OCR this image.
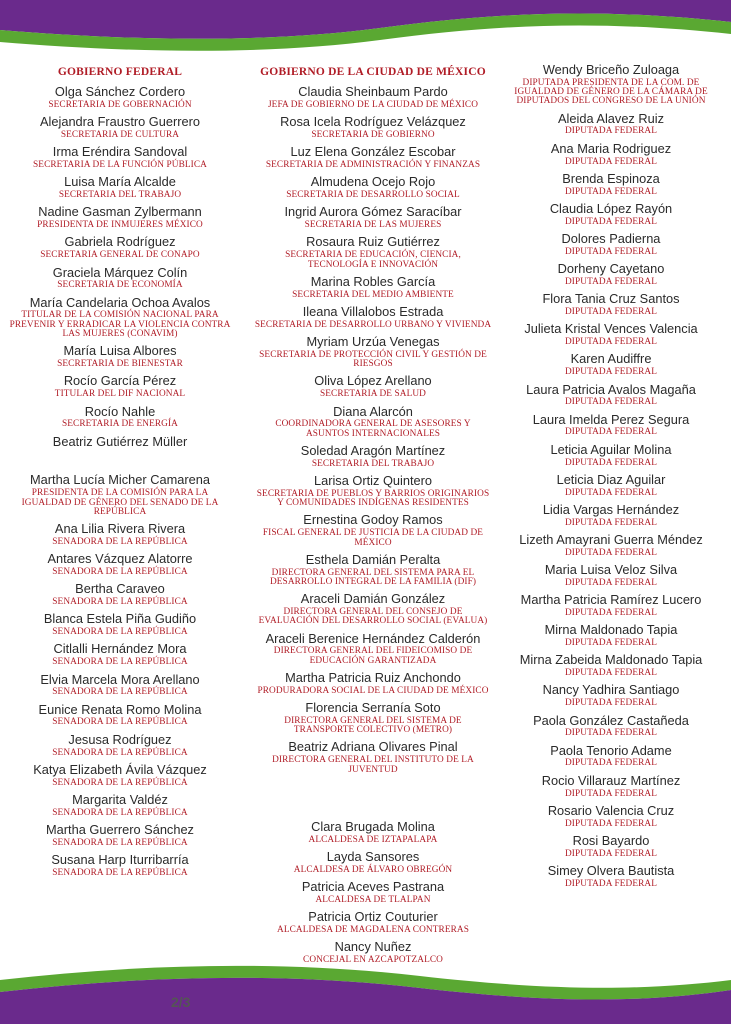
GOBIERNO FEDERAL
Olga Sánchez Cordero
SECRETARIA DE GOBERNACIÓN
Alejandra Fraustro Guerrero
SECRETARIA DE CULTURA
Irma Eréndira Sandoval
SECRETARIA DE LA FUNCIÓN PÚBLICA
Luisa María Alcalde
SECRETARIA DEL TRABAJO
Nadine Gasman Zylbermann
PRESIDENTA DE INMUJERES MÉXICO
Gabriela Rodríguez
SECRETARIA GENERAL DE CONAPO
Graciela Márquez Colín
SECRETARIA DE ECONOMÍA
María Candelaria Ochoa Avalos
TITULAR DE LA COMISIÓN NACIONAL PARA PREVENIR Y ERRADICAR LA VIOLENCIA CONTRA LAS MUJERES (CONAVIM)
María Luisa Albores
SECRETARIA DE BIENESTAR
Rocío García Pérez
TITULAR DEL DIF NACIONAL
Rocío Nahle
SECRETARIA DE ENERGÍA
Beatriz Gutiérrez Müller
Martha Lucía Micher Camarena
PRESIDENTA DE LA COMISIÓN PARA LA IGUALDAD DE GÉNERO DEL SENADO DE LA REPÚBLICA
Ana Lilia Rivera Rivera
SENADORA DE LA REPÚBLICA
Antares Vázquez Alatorre
SENADORA DE LA REPÚBLICA
Bertha Caraveo
SENADORA DE LA REPÚBLICA
Blanca Estela Piña Gudiño
SENADORA DE LA REPÚBLICA
Citlalli Hernández Mora
SENADORA DE LA REPÚBLICA
Elvia Marcela Mora Arellano
SENADORA DE LA REPÚBLICA
Eunice Renata Romo Molina
SENADORA DE LA REPÚBLICA
Jesusa Rodríguez
SENADORA DE LA REPÚBLICA
Katya Elizabeth Ávila Vázquez
SENADORA DE LA REPÚBLICA
Margarita Valdéz
SENADORA DE LA REPÚBLICA
Martha Guerrero Sánchez
SENADORA DE LA REPÚBLICA
Susana Harp Iturribarría
SENADORA DE LA REPÚBLICA
GOBIERNO DE LA CIUDAD DE MÉXICO
Claudia Sheinbaum Pardo
JEFA DE GOBIERNO DE LA CIUDAD DE MÉXICO
Rosa Icela Rodríguez Velázquez
SECRETARIA DE GOBIERNO
Luz Elena González Escobar
SECRETARIA DE ADMINISTRACIÓN Y FINANZAS
Almudena Ocejo Rojo
SECRETARIA DE DESARROLLO SOCIAL
Ingrid Aurora Gómez Saracíbar
SECRETARIA DE LAS MUJERES
Rosaura Ruiz Gutiérrez
SECRETARIA DE EDUCACIÓN, CIENCIA, TECNOLOGÍA E INNOVACIÓN
Marina Robles García
SECRETARIA DEL MEDIO AMBIENTE
Ileana Villalobos Estrada
SECRETARIA DE DESARROLLO URBANO Y VIVIENDA
Myriam Urzúa Venegas
SECRETARIA DE PROTECCIÓN CIVIL Y GESTIÓN DE RIESGOS
Oliva López Arellano
SECRETARIA DE SALUD
Diana Alarcón
COORDINADORA GENERAL DE ASESORES Y ASUNTOS INTERNACIONALES
Soledad Aragón Martínez
SECRETARIA DEL TRABAJO
Larisa Ortiz Quintero
SECRETARIA DE PUEBLOS Y BARRIOS ORIGINARIOS Y COMUNIDADES INDÍGENAS RESIDENTES
Ernestina Godoy Ramos
FISCAL GENERAL DE JUSTICIA DE LA CIUDAD DE MÉXICO
Esthela Damián Peralta
DIRECTORA GENERAL DEL SISTEMA PARA EL DESARROLLO INTEGRAL DE LA FAMILIA (DIF)
Araceli Damián González
DIRECTORA GENERAL DEL CONSEJO DE EVALUACIÓN DEL DESARROLLO SOCIAL (EVALUA)
Araceli Berenice Hernández Calderón
DIRECTORA GENERAL DEL FIDEICOMISO DE EDUCACIÓN GARANTIZADA
Martha Patricia Ruiz Anchondo
PRODURADORA SOCIAL DE LA CIUDAD DE MÉXICO
Florencia Serranía Soto
DIRECTORA GENERAL DEL SISTEMA DE TRANSPORTE COLECTIVO (METRO)
Beatriz Adriana Olivares Pinal
DIRECTORA GENERAL DEL INSTITUTO DE LA JUVENTUD
Clara Brugada Molina
ALCALDESA DE IZTAPALAPA
Layda Sansores
ALCALDESA DE ÁLVARO OBREGÓN
Patricia Aceves Pastrana
ALCALDESA DE TLALPAN
Patricia Ortiz Couturier
ALCALDESA DE MAGDALENA CONTRERAS
Nancy Nuñez
CONCEJAL EN AZCAPOTZALCO
Wendy Briceño Zuloaga
DIPUTADA PRESIDENTA DE LA COM. DE IGUALDAD DE GÉNERO DE LA CÁMARA DE DIPUTADOS DEL CONGRESO DE LA UNIÓN
Aleida Alavez Ruiz
DIPUTADA FEDERAL
Ana Maria Rodriguez
DIPUTADA FEDERAL
Brenda Espinoza
DIPUTADA FEDERAL
Claudia López Rayón
DIPUTADA FEDERAL
Dolores Padierna
DIPUTADA FEDERAL
Dorheny Cayetano
DIPUTADA FEDERAL
Flora Tania Cruz Santos
DIPUTADA FEDERAL
Julieta Kristal Vences Valencia
DIPUTADA FEDERAL
Karen Audiffre
DIPUTADA FEDERAL
Laura Patricia Avalos Magaña
DIPUTADA FEDERAL
Laura Imelda Perez Segura
DIPUTADA FEDERAL
Leticia Aguilar Molina
DIPUTADA FEDERAL
Leticia Diaz Aguilar
DIPUTADA FEDERAL
Lidia Vargas Hernández
DIPUTADA FEDERAL
Lizeth Amayrani Guerra Méndez
DIPUTADA FEDERAL
Maria Luisa Veloz Silva
DIPUTADA FEDERAL
Martha Patricia Ramírez Lucero
DIPUTADA FEDERAL
Mirna Maldonado Tapia
DIPUTADA FEDERAL
Mirna Zabeida Maldonado Tapia
DIPUTADA FEDERAL
Nancy Yadhira Santiago
DIPUTADA FEDERAL
Paola González Castañeda
DIPUTADA FEDERAL
Paola Tenorio Adame
DIPUTADA FEDERAL
Rocio Villarauz Martínez
DIPUTADA FEDERAL
Rosario Valencia Cruz
DIPUTADA FEDERAL
Rosi Bayardo
DIPUTADA FEDERAL
Simey Olvera Bautista
DIPUTADA FEDERAL
2/3
